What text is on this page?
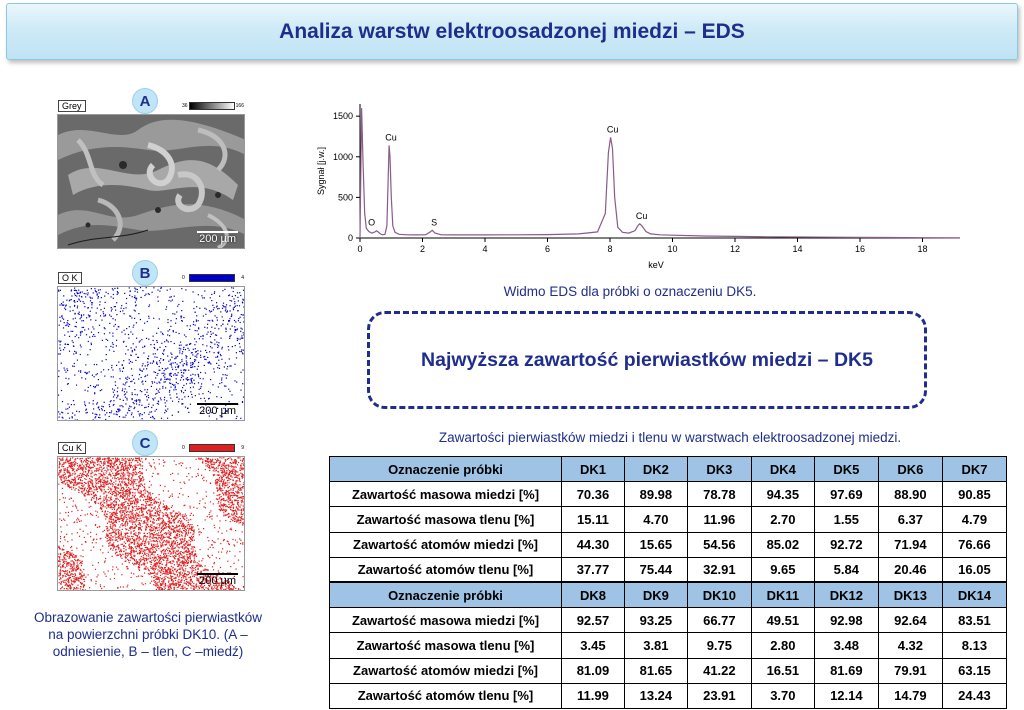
Analiza warstw elektroosadzonej miedzi – EDS
Grey	36	166
200 µm
A
O K	0	4
200 µm
B
Cu K	0	9
200 µm
C
Obrazowanie zawartości pierwiastków na powierzchni próbki DK10. (A – odniesienie, B – tlen, C –miedź)
0	2	4	6	8	10	12	14	16	18
0
500
1000
1500
keV
Sygnał [j.w.]
O
Cu
S
Cu
Cu
Widmo EDS dla próbki o oznaczeniu DK5.
Najwyższa zawartość pierwiastków miedzi – DK5
Zawartości pierwiastków miedzi i tlenu w warstwach elektroosadzonej miedzi.
Oznaczenie próbki	DK1	DK2	DK3	DK4	DK5	DK6	DK7
Zawartość masowa miedzi [%]	70.36	89.98	78.78	94.35	97.69	88.90	90.85
Zawartość masowa tlenu [%]	15.11	4.70	11.96	2.70	1.55	6.37	4.79
Zawartość atomów miedzi [%]	44.30	15.65	54.56	85.02	92.72	71.94	76.66
Zawartość atomów tlenu [%]	37.77	75.44	32.91	9.65	5.84	20.46	16.05
Oznaczenie próbki	DK8	DK9	DK10	DK11	DK12	DK13	DK14
Zawartość masowa miedzi [%]	92.57	93.25	66.77	49.51	92.98	92.64	83.51
Zawartość masowa tlenu [%]	3.45	3.81	9.75	2.80	3.48	4.32	8.13
Zawartość atomów miedzi [%]	81.09	81.65	41.22	16.51	81.69	79.91	63.15
Zawartość atomów tlenu [%]	11.99	13.24	23.91	3.70	12.14	14.79	24.43
